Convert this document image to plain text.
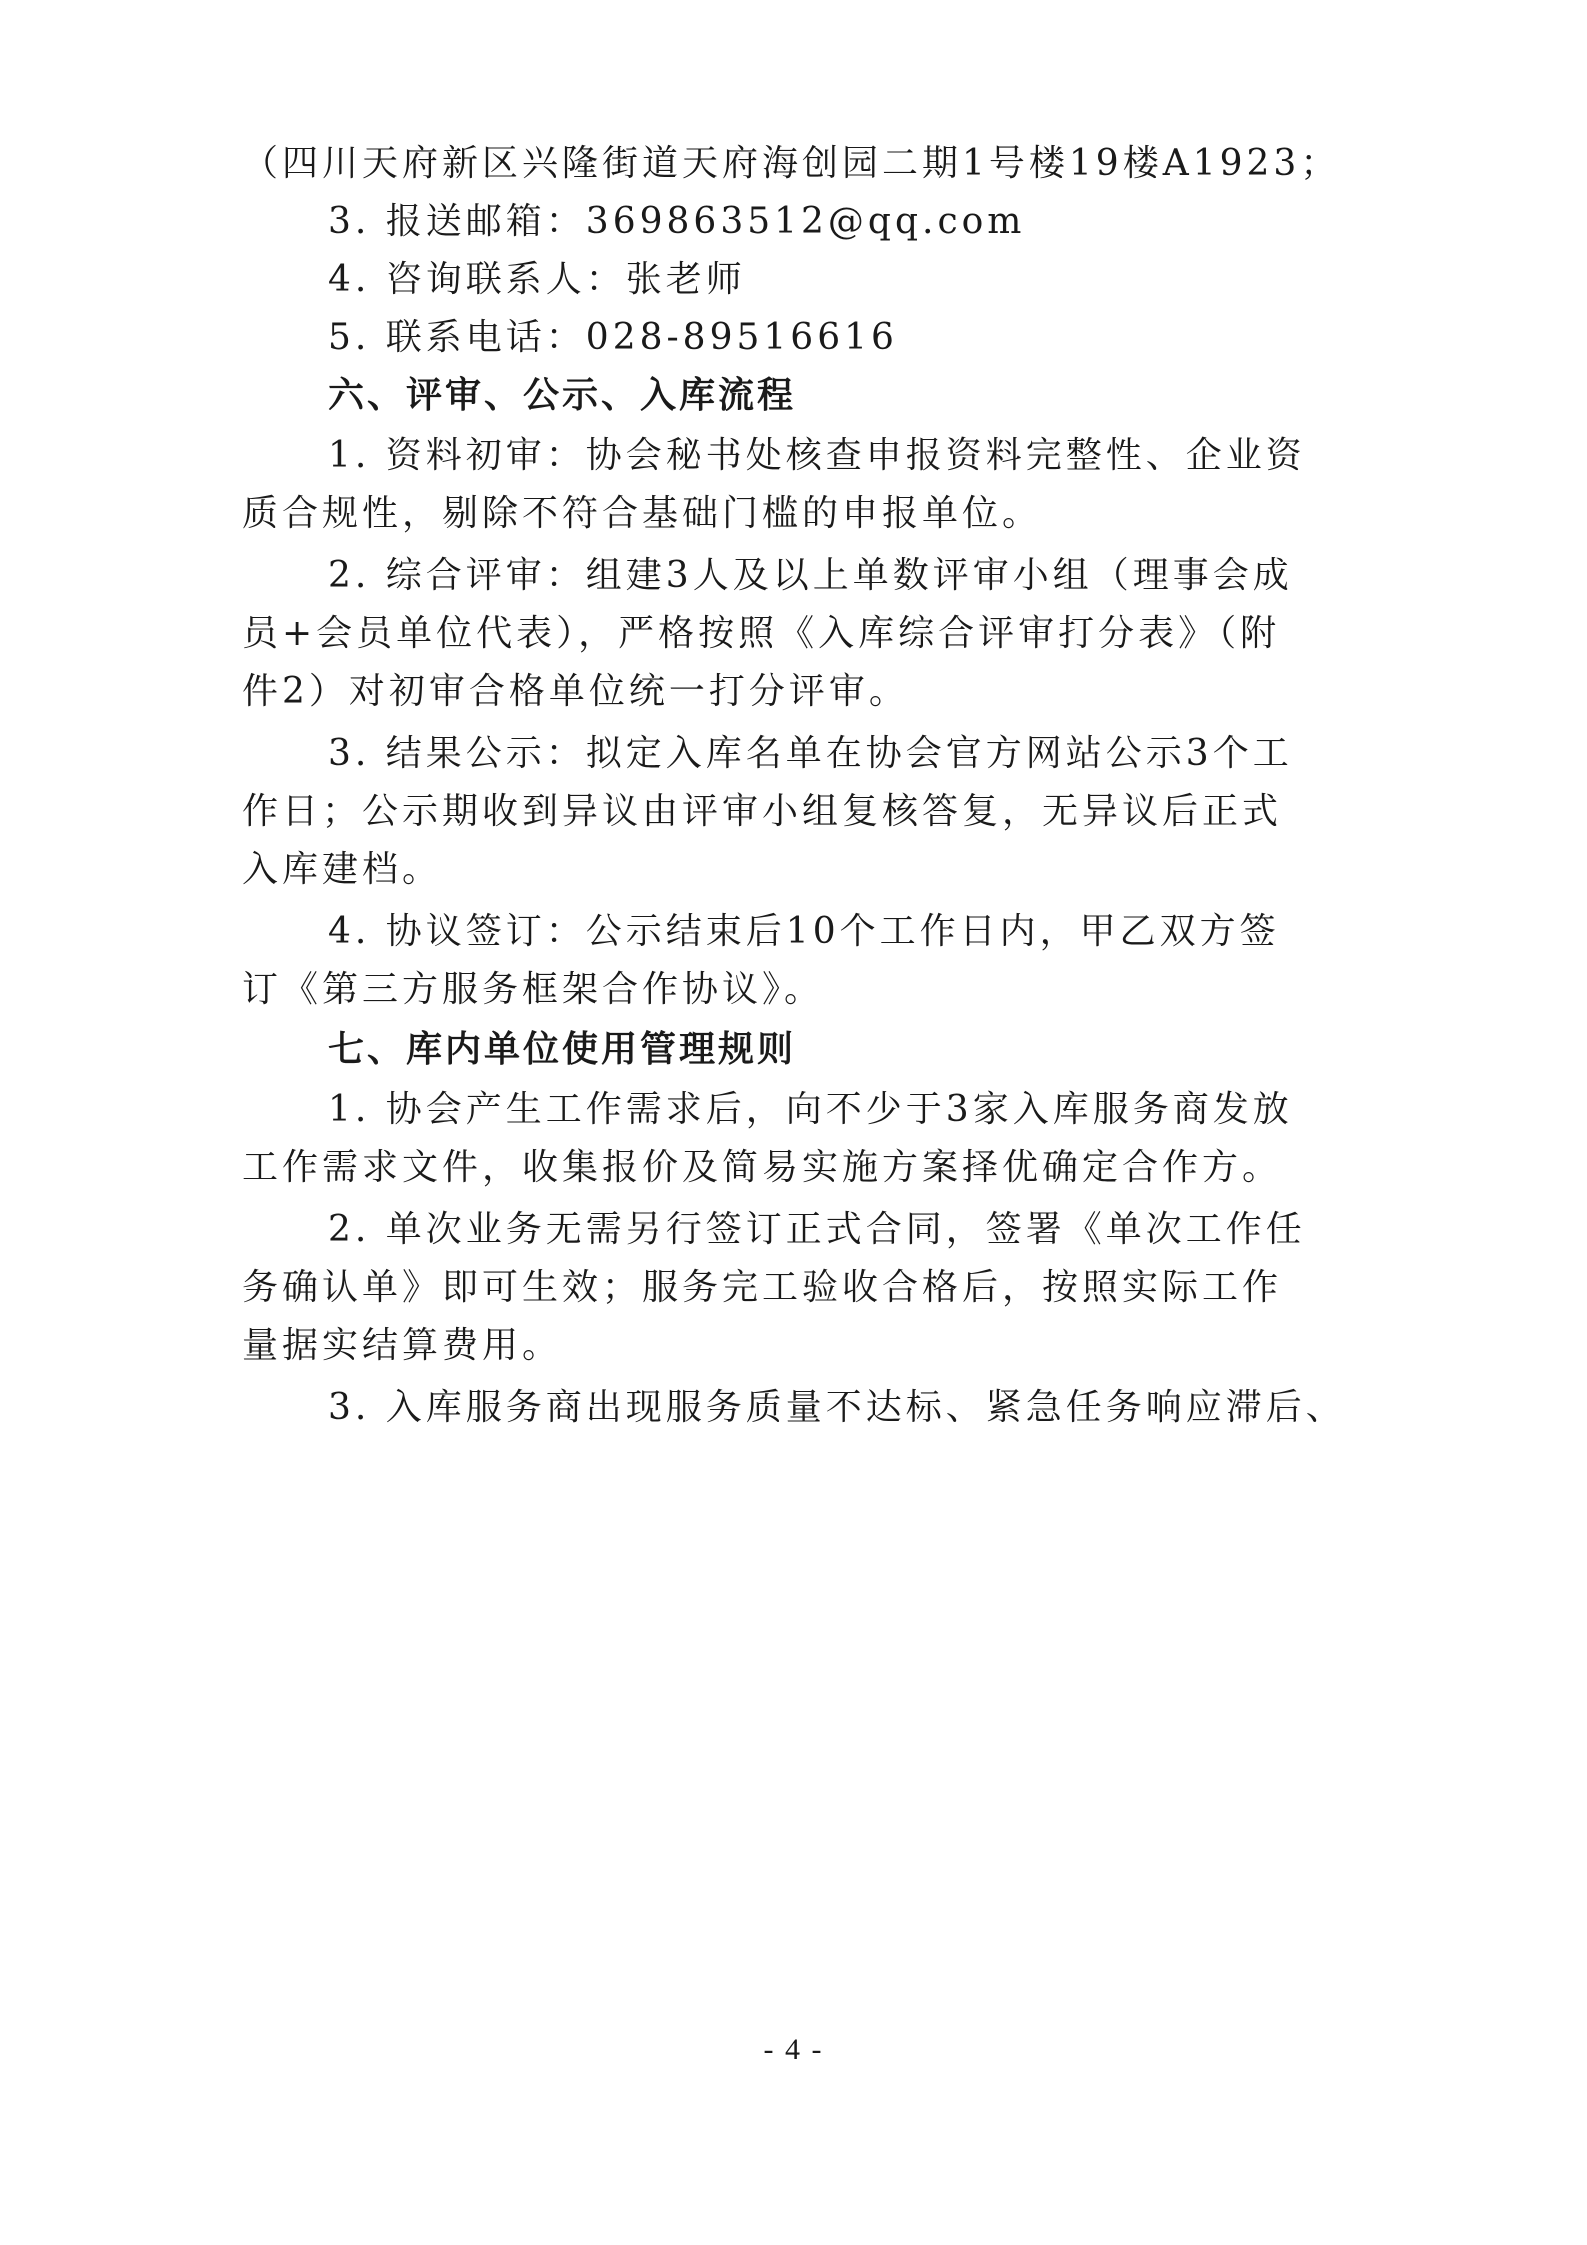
（四川天府新区兴隆街道天府海创园二期1号楼19楼A1923；
3. 报送邮箱：369863512@qq.com
4. 咨询联系人：张老师
5. 联系电话：028-89516616
六、评审、公示、入库流程
1. 资料初审：协会秘书处核查申报资料完整性、企业资
质合规性，剔除不符合基础门槛的申报单位。
2. 综合评审：组建3人及以上单数评审小组（理事会成
员+会员单位代表），严格按照《入库综合评审打分表》（附
件2）对初审合格单位统一打分评审。
3. 结果公示：拟定入库名单在协会官方网站公示3个工
作日；公示期收到异议由评审小组复核答复，无异议后正式
入库建档。
4. 协议签订：公示结束后10个工作日内，甲乙双方签
订《第三方服务框架合作协议》。
七、库内单位使用管理规则
1. 协会产生工作需求后，向不少于3家入库服务商发放
工作需求文件，收集报价及简易实施方案择优确定合作方。
2. 单次业务无需另行签订正式合同，签署《单次工作任
务确认单》即可生效；服务完工验收合格后，按照实际工作
量据实结算费用。
3. 入库服务商出现服务质量不达标、紧急任务响应滞后、
- 4 -
